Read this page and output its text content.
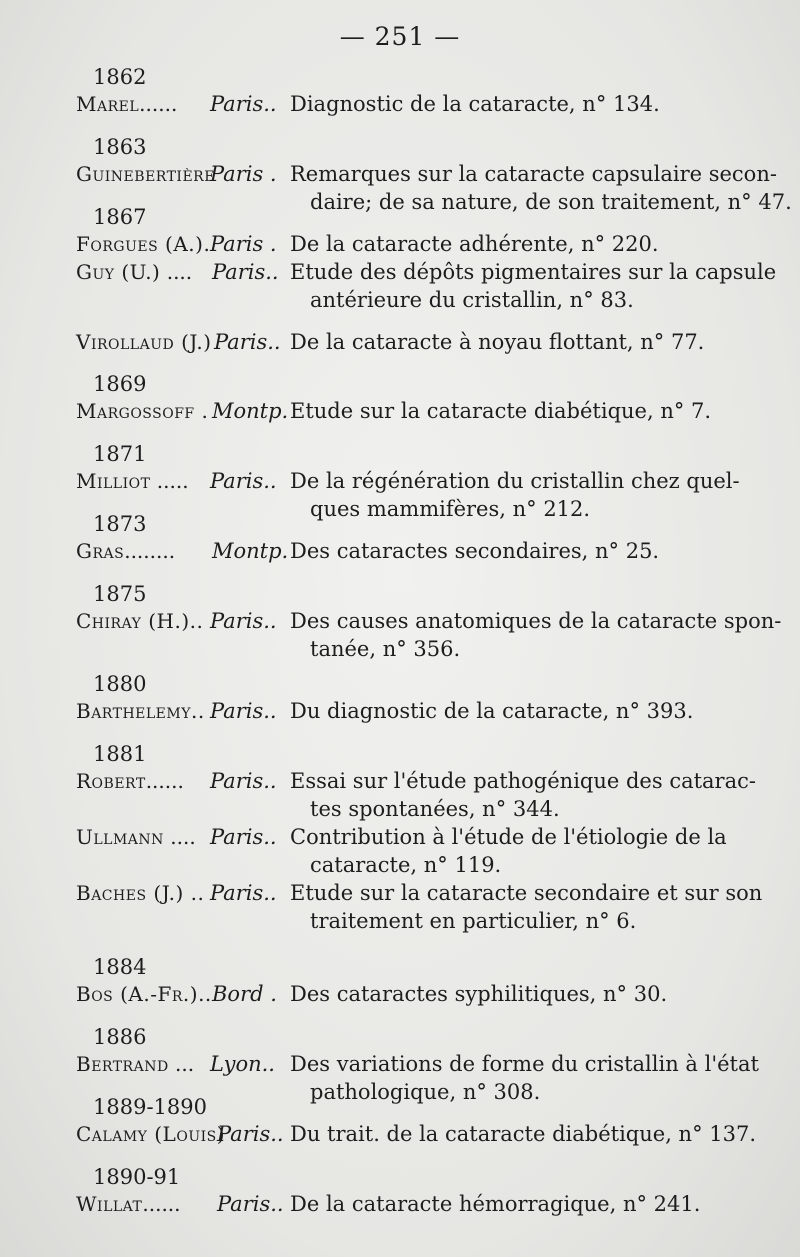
— 251 —
1862
Marel...... Paris.. Diagnostic de la cataracte, n° 134.
1863
Guinebertière
Paris . Remarques sur la cataracte capsulaire secon-
daire; de sa nature, de son traitement, n° 47.
1867
Forgues (A.). Paris . De la cataracte adhérente, n° 220.
Guy (U.) .... Paris.. Etude des dépôts pigmentaires sur la capsule
antérieure du cristallin, n° 83.
Virollaud (J.) Paris.. De la cataracte à noyau flottant, n° 77.
1869
Margossoff . Montp. Etude sur la cataracte diabétique, n° 7.
1871
Milliot ..... Paris.. De la régénération du cristallin chez quel-
ques mammifères, n° 212.
1873
Gras........ Montp. Des cataractes secondaires, n° 25.
1875
Chiray (H.).. Paris.. Des causes anatomiques de la cataracte spon-
tanée, n° 356.
1880
Barthelemy.. Paris.. Du diagnostic de la cataracte, n° 393.
1881
Robert...... Paris.. Essai sur l'étude pathogénique des catarac-
tes spontanées, n° 344.
Ullmann .... Paris.. Contribution à l'étude de l'étiologie de la
cataracte, n° 119.
Baches (J.) .. Paris.. Etude sur la cataracte secondaire et sur son
traitement en particulier, n° 6.
1884
Bos (A.-Fr.).. Bord . Des cataractes syphilitiques, n° 30.
1886
Bertrand ... Lyon.. Des variations de forme du cristallin à l'état
pathologique, n° 308.
1889-1890
Calamy (Louis)
Paris.. Du trait. de la cataracte diabétique, n° 137.
1890-91
Willat...... Paris.. De la cataracte hémorragique, n° 241.
